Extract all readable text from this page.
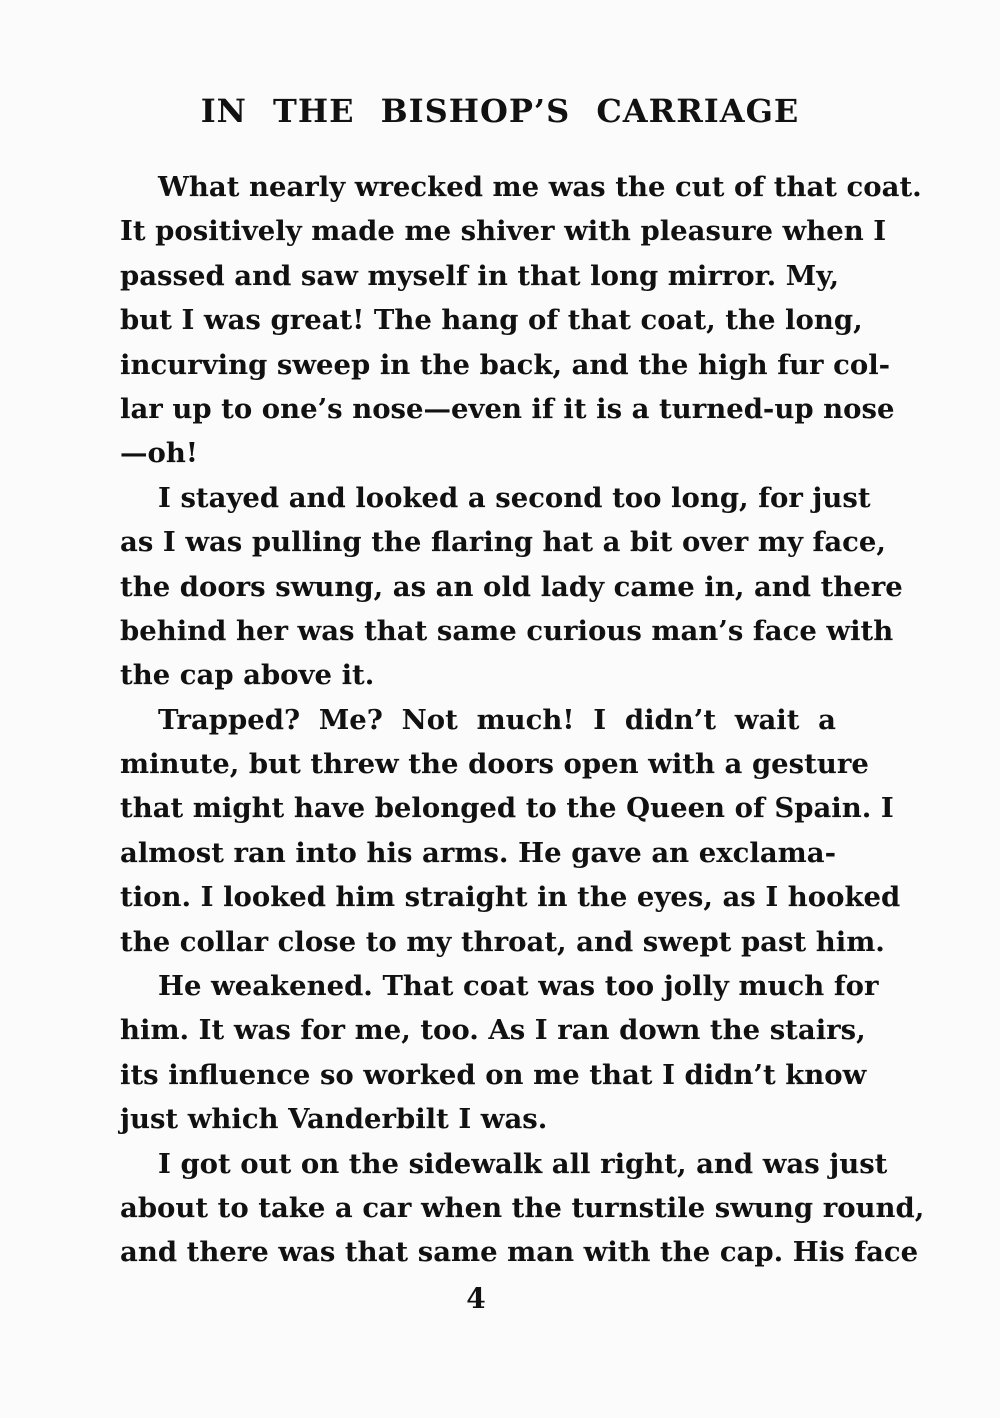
IN THE BISHOP’S CARRIAGE

What nearly wrecked me was the cut of that coat.
It positively made me shiver with pleasure when I
passed and saw myself in that long mirror. My,
but I was great! The hang of that coat, the long,
incurving sweep in the back, and the high fur col-
lar up to one’s nose—even if it is a turned-up nose
—oh!

I stayed and looked a second too long, for just
as I was pulling the flaring hat a bit over my face,
the doors swung, as an old lady came in, and there
behind her was that same curious man’s face with
the cap above it.

Trapped? Me? Not much! I didn’t wait a
minute, but threw the doors open with a gesture
that might have belonged to the Queen of Spain. I
almost ran into his arms. He gave an exclama-
tion. I looked him straight in the eyes, as I hooked
the collar close to my throat, and swept past him.

He weakened. That coat was too jolly much for
him. It was for me, too. As I ran down the stairs,
its influence so worked on me that I didn’t know
just which Vanderbilt I was.

I got out on the sidewalk all right, and was just
about to take a car when the turnstile swung round,
and there was that same man with the cap. His face

4
